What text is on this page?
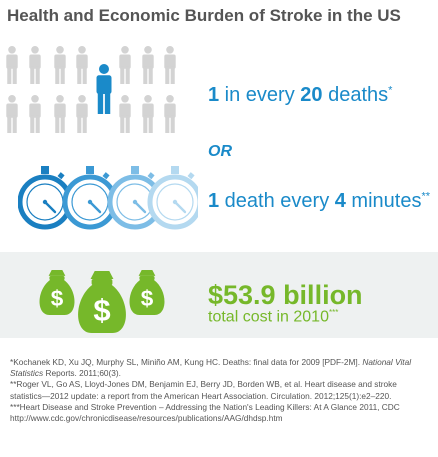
Health and Economic Burden of Stroke in the US
1 in every 20 deaths*
OR
1 death every 4 minutes**
$	$
$	$53.9 billion
total cost in 2010***
*Kochanek KD, Xu JQ, Murphy SL, Miniño AM, Kung HC. Deaths: final data for 2009 [PDF-2M]. National Vital Statistics Reports. 2011;60(3).
**Roger VL, Go AS, Lloyd-Jones DM, Benjamin EJ, Berry JD, Borden WB, et al. Heart disease and stroke statistics—2012 update: a report from the American Heart Association. Circulation. 2012;125(1):e2–220.
***Heart Disease and Stroke Prevention – Addressing the Nation's Leading Killers: At A Glance 2011, CDC http://www.cdc.gov/chronicdisease/resources/publications/AAG/dhdsp.htm
